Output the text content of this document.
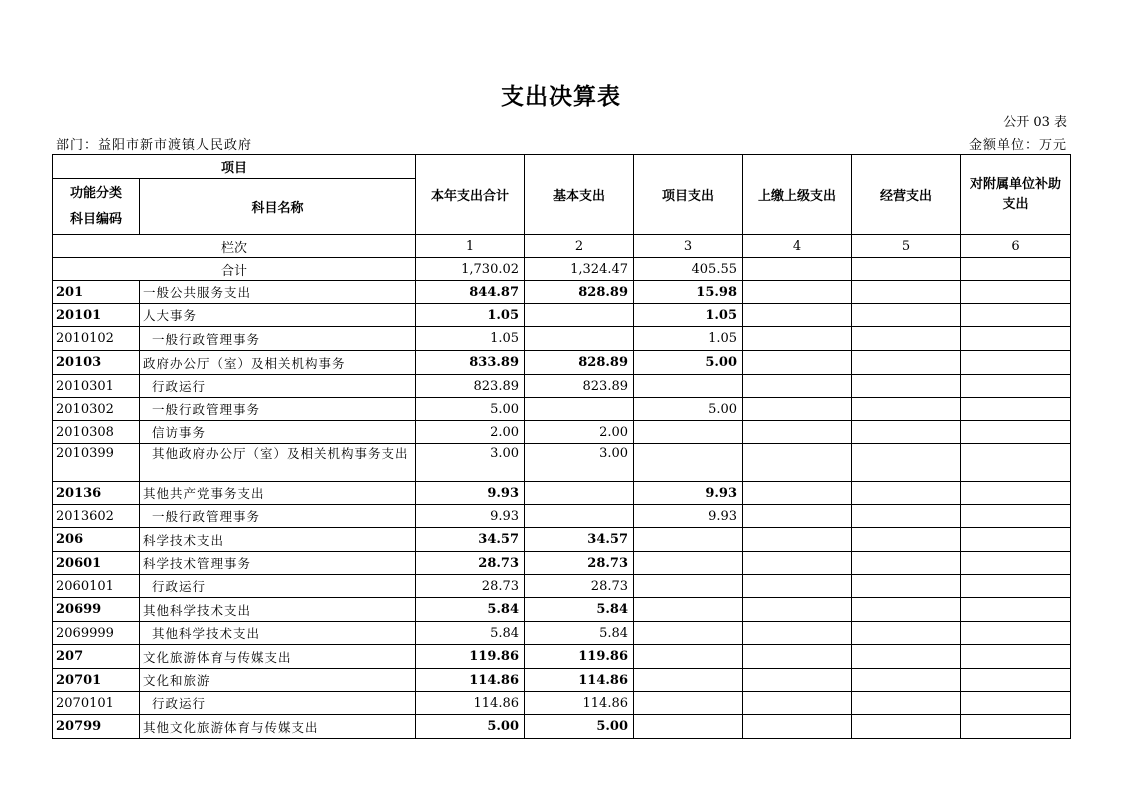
支出决算表
公开 03 表
部门：益阳市新市渡镇人民政府	金额单位：万元
项目		本年支出合计	基本支出	项目支出	上缴上级支出	经营支出	对附属单位补助支出
功能分类
科目编码	科目名称						
栏次		1	2	3	4	5	6
合计		1,730.02	1,324.47	405.55			
201	一般公共服务支出	844.87	828.89	15.98			
20101	人大事务	1.05		1.05			
2010102	一般行政管理事务	1.05		1.05			
20103	政府办公厅（室）及相关机构事务	833.89	828.89	5.00			
2010301	行政运行	823.89	823.89				
2010302	一般行政管理事务	5.00		5.00			
2010308	信访事务	2.00	2.00				
2010399	其他政府办公厅（室）及相关机构事务支出	3.00	3.00				
20136	其他共产党事务支出	9.93		9.93			
2013602	一般行政管理事务	9.93		9.93			
206	科学技术支出	34.57	34.57				
20601	科学技术管理事务	28.73	28.73				
2060101	行政运行	28.73	28.73				
20699	其他科学技术支出	5.84	5.84				
2069999	其他科学技术支出	5.84	5.84				
207	文化旅游体育与传媒支出	119.86	119.86				
20701	文化和旅游	114.86	114.86				
2070101	行政运行	114.86	114.86				
20799	其他文化旅游体育与传媒支出	5.00	5.00				
